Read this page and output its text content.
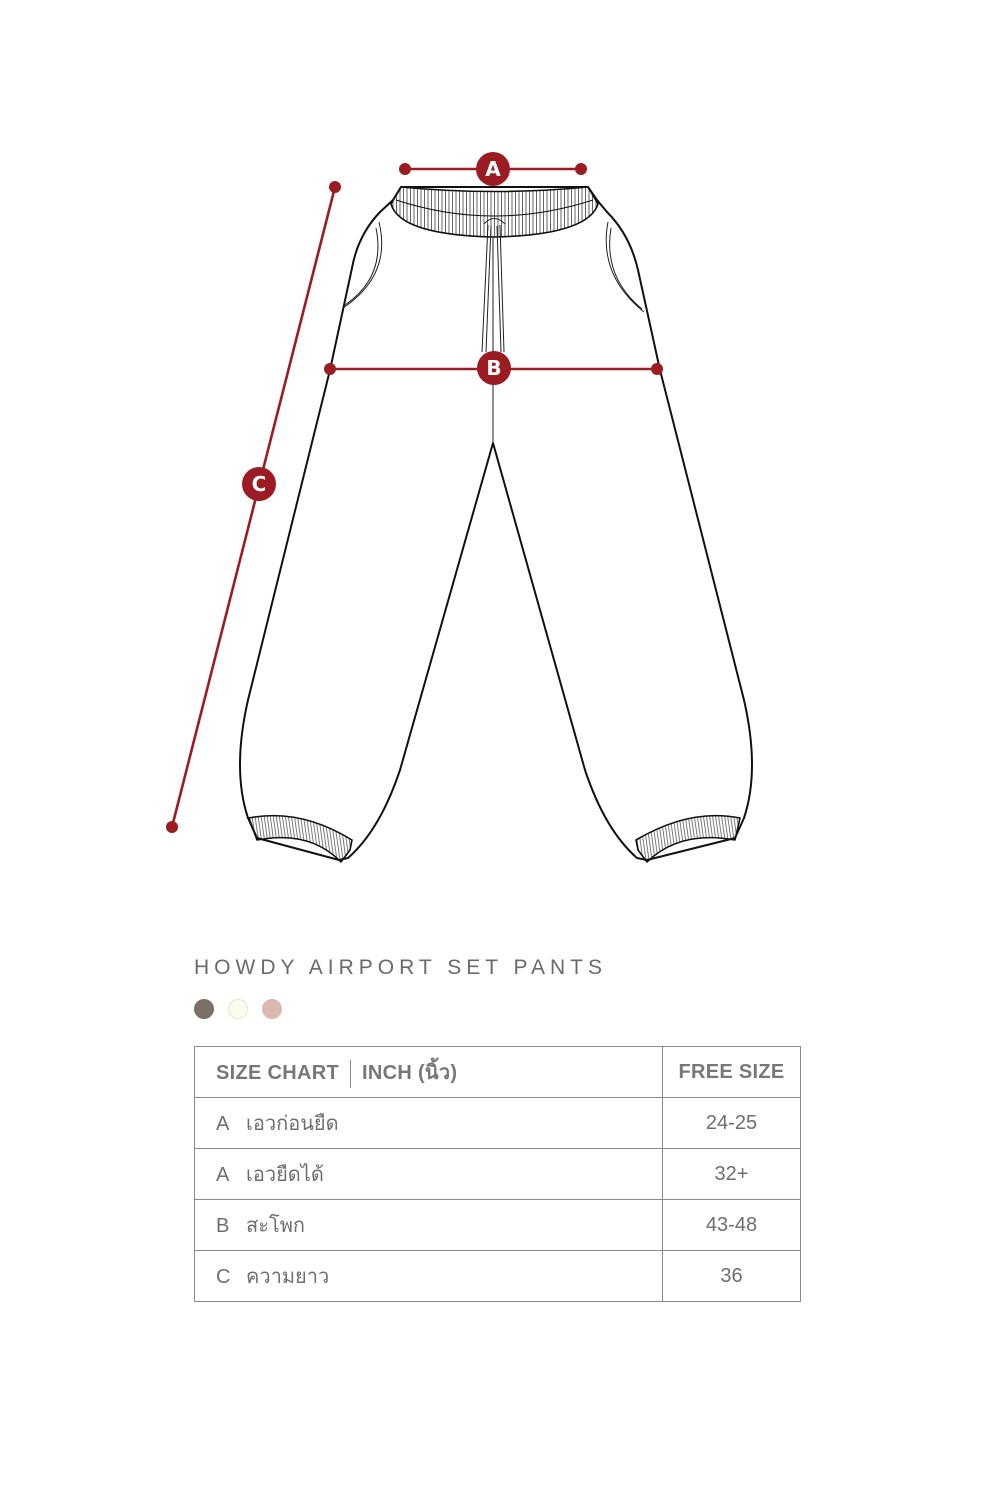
A
B
C
HOWDY AIRPORT SET PANTS
SIZE CHART INCH (นิ้ว)	FREE SIZE
A เอวก่อนยืด	24-25
A เอวยืดได้	32+
B สะโพก	43-48
C ความยาว	36
